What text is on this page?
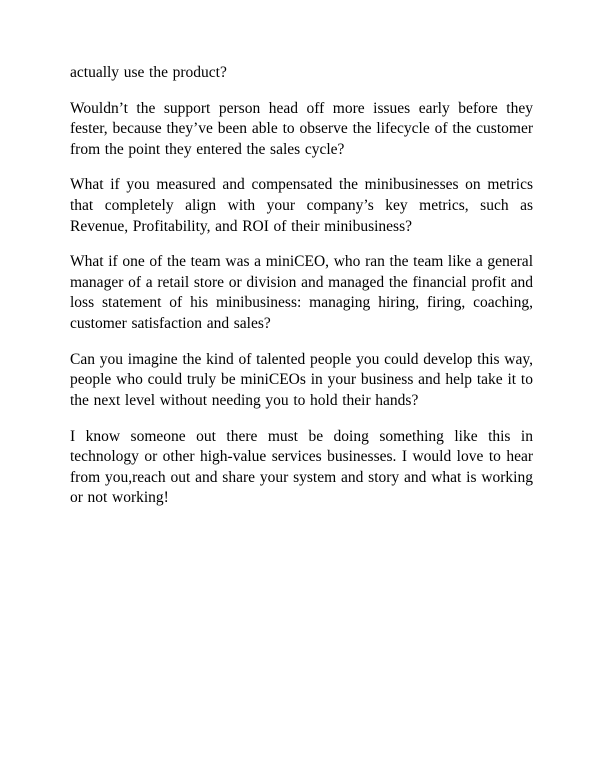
actually use the product?

Wouldn’t the support person head off more issues early before they fester, because they’ve been able to observe the lifecycle of the customer from the point they entered the sales cycle?

What if you measured and compensated the minibusinesses on metrics that completely align with your company’s key metrics, such as Revenue, Profitability, and ROI of their minibusiness?

What if one of the team was a miniCEO, who ran the team like a general manager of a retail store or division and managed the financial profit and loss statement of his minibusiness: managing hiring, firing, coaching, customer satisfaction and sales?

Can you imagine the kind of talented people you could develop this way, people who could truly be miniCEOs in your business and help take it to the next level without needing you to hold their hands?

I know someone out there must be doing something like this in technology or other high-value services businesses. I would love to hear from you,reach out and share your system and story and what is working or not working!
